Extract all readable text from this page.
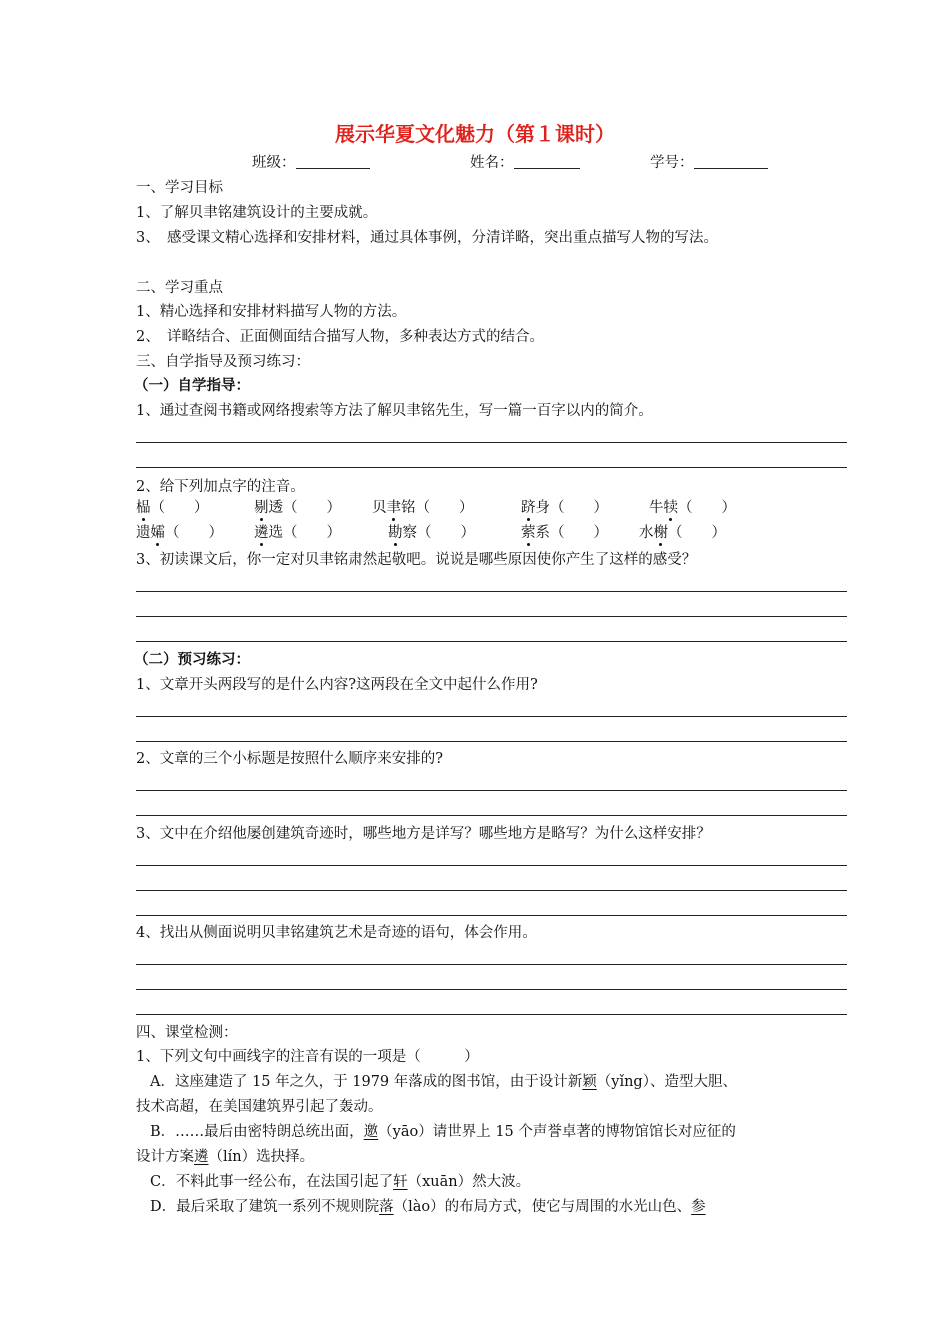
展示华夏文化魅力（第１课时）
班级：	姓名：	学号：
一、学习目标
1、了解贝聿铭建筑设计的主要成就。
3、　感受课文精心选择和安排材料，通过具体事例，分清详略，突出重点描写人物的写法。
二、学习重点
1、精心选择和安排材料描写人物的方法。
2、　详略结合、正面侧面结合描写人物，多种表达方式的结合。
三、自学指导及预习练习：
（一）自学指导：
1、通过查阅书籍或网络搜索等方法了解贝聿铭先生，写一篇一百字以内的简介。
2、给下列加点字的注音。
榀（　　）	剔透（　　） 贝聿铭（　　）	跻身（　　）	牛犊（　　）
遗孀（　　） 遴选（　　）	勘察（　　）	萦系（　　） 水榭（　　）
3、初读课文后，你一定对贝聿铭肃然起敬吧。说说是哪些原因使你产生了这样的感受？
（二）预习练习：
1、文章开头两段写的是什么内容?这两段在全文中起什么作用?
2、文章的三个小标题是按照什么顺序来安排的?
3、文中在介绍他屡创建筑奇迹时，哪些地方是详写？哪些地方是略写？为什么这样安排？
4、找出从侧面说明贝聿铭建筑艺术是奇迹的语句，体会作用。
四、课堂检测：
1、下列文句中画线字的注音有误的一项是（　　　）
A．这座建造了 15 年之久，于 1979 年落成的图书馆，由于设计新颖（yǐng）、造型大胆、
技术高超，在美国建筑界引起了轰动。
B．……最后由密特朗总统出面，邀（yāo）请世界上 15 个声誉卓著的博物馆馆长对应征的
设计方案遴（lín）选抉择。
C．不料此事一经公布，在法国引起了轩（xuān）然大波。
D．最后采取了建筑一系列不规则院落（lào）的布局方式，使它与周围的水光山色、参
